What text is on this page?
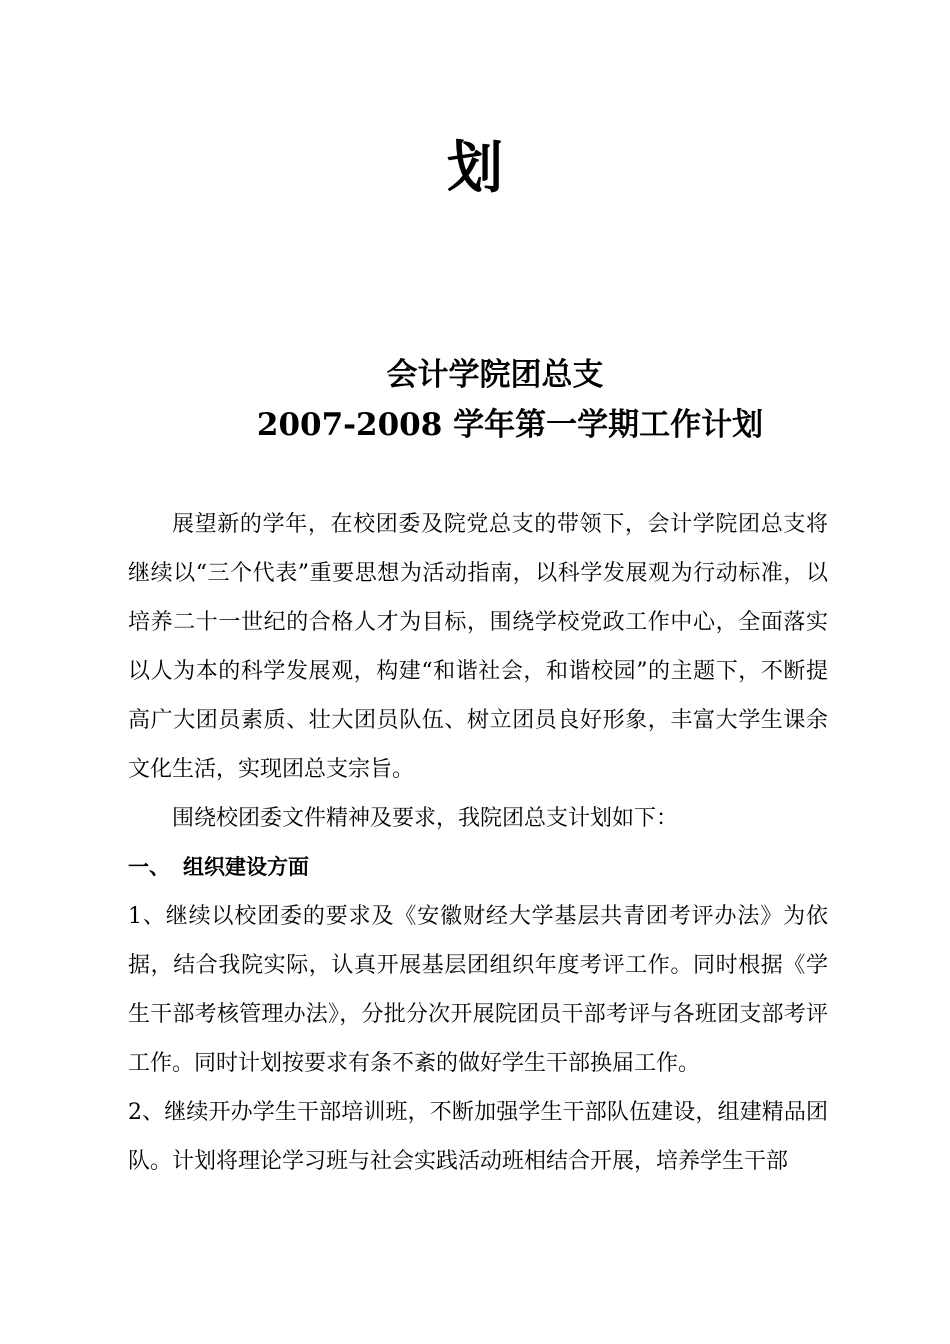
划
会计学院团总支
2007-2008 学年第一学期工作计划

展望新的学年，在校团委及院党总支的带领下，会计学院团总支将继续以“三个代表”重要思想为活动指南，以科学发展观为行动标准，以培养二十一世纪的合格人才为目标，围绕学校党政工作中心，全面落实以人为本的科学发展观，构建“和谐社会，和谐校园”的主题下，不断提高广大团员素质、壮大团员队伍、树立团员良好形象，丰富大学生课余文化生活，实现团总支宗旨。

围绕校团委文件精神及要求，我院团总支计划如下：

一、 组织建设方面

1、继续以校团委的要求及《安徽财经大学基层共青团考评办法》为依据，结合我院实际，认真开展基层团组织年度考评工作。同时根据《学生干部考核管理办法》，分批分次开展院团员干部考评与各班团支部考评工作。同时计划按要求有条不紊的做好学生干部换届工作。

2、继续开办学生干部培训班，不断加强学生干部队伍建设，组建精品团队。计划将理论学习班与社会实践活动班相结合开展，培养学生干部
